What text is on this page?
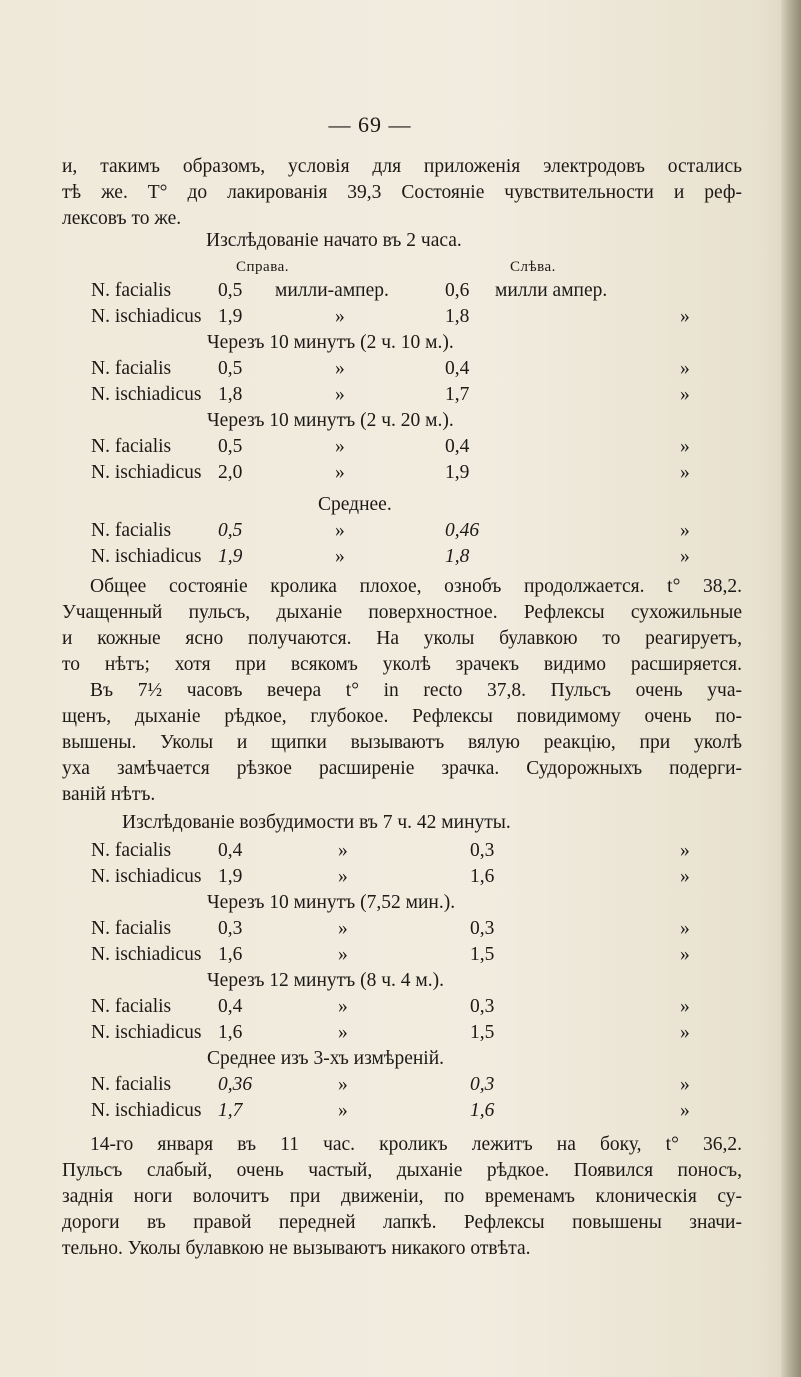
— 69 —
и, такимъ образомъ, условія для приложенія электродовъ остались
тѣ же. Т° до лакированія 39,3 Состояніе чувствительности и реф-
лексовъ то же.
Изслѣдованіе начато въ 2 часа.
Справа.	Слѣва.
N. facialis 0,5 милли-ампер.	0,6 милли ампер.
N. ischiadicus 1,9	»	1,8	»
Черезъ 10 минутъ (2 ч. 10 м.).
N. facialis 0,5	»	0,4	»
N. ischiadicus 1,8	»	1,7	»
Черезъ 10 минутъ (2 ч. 20 м.).
N. facialis 0,5	»	0,4	»
N. ischiadicus 2,0	»	1,9	»
Среднее.
N. facialis 0,5	»	0,46	»
N. ischiadicus 1,9	»	1,8	»
Общее состояніе кролика плохое, ознобъ продолжается. t° 38,2.
Учащенный пульсъ, дыханіе поверхностное. Рефлексы сухожильные
и кожные ясно получаются. На уколы булавкою то реагируетъ,
то нѣтъ; хотя при всякомъ уколѣ зрачекъ видимо расширяется.
Въ 7½ часовъ вечера t° in recto 37,8. Пульсъ очень уча-
щенъ, дыханіе рѣдкое, глубокое. Рефлексы повидимому очень по-
вышены. Уколы и щипки вызываютъ вялую реакцію, при уколѣ
уха замѣчается рѣзкое расширеніе зрачка. Судорожныхъ подерги-
ваній нѣтъ.
Изслѣдованіе возбудимости въ 7 ч. 42 минуты.
N. facialis 0,4	»	0,3	»
N. ischiadicus 1,9	»	1,6	»
Черезъ 10 минутъ (7,52 мин.).
N. facialis 0,3	»	0,3	»
N. ischiadicus 1,6	»	1,5	»
Черезъ 12 минутъ (8 ч. 4 м.).
N. facialis 0,4	»	0,3	»
N. ischiadicus 1,6	»	1,5	»
Среднее изъ 3-хъ измѣреній.
N. facialis 0,36	»	0,3	»
N. ischiadicus 1,7	»	1,6	»
14-го января въ 11 час. кроликъ лежитъ на боку, t° 36,2.
Пульсъ слабый, очень частый, дыханіе рѣдкое. Появился поносъ,
заднія ноги волочитъ при движеніи, по временамъ клоническія су-
дороги въ правой передней лапкѣ. Рефлексы повышены значи-
тельно. Уколы булавкою не вызываютъ никакого отвѣта.
